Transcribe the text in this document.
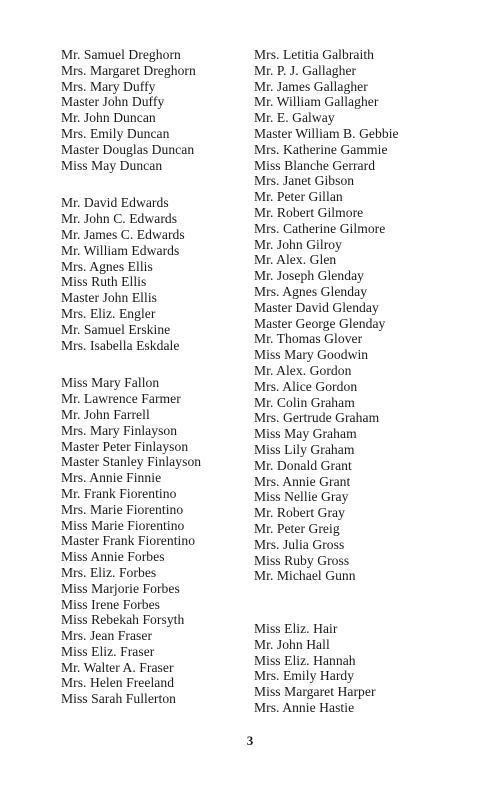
Mr. Samuel Dreghorn
Mrs. Margaret Dreghorn
Mrs. Mary Duffy
Master John Duffy
Mr. John Duncan
Mrs. Emily Duncan
Master Douglas Duncan
Miss May Duncan
Mr. David Edwards
Mr. John C. Edwards
Mr. James C. Edwards
Mr. William Edwards
Mrs. Agnes Ellis
Miss Ruth Ellis
Master John Ellis
Mrs. Eliz. Engler
Mr. Samuel Erskine
Mrs. Isabella Eskdale
Miss Mary Fallon
Mr. Lawrence Farmer
Mr. John Farrell
Mrs. Mary Finlayson
Master Peter Finlayson
Master Stanley Finlayson
Mrs. Annie Finnie
Mr. Frank Fiorentino
Mrs. Marie Fiorentino
Miss Marie Fiorentino
Master Frank Fiorentino
Miss Annie Forbes
Mrs. Eliz. Forbes
Miss Marjorie Forbes
Miss Irene Forbes
Miss Rebekah Forsyth
Mrs. Jean Fraser
Miss Eliz. Fraser
Mr. Walter A. Fraser
Mrs. Helen Freeland
Miss Sarah Fullerton
Mrs. Letitia Galbraith
Mr. P. J. Gallagher
Mr. James Gallagher
Mr. William Gallagher
Mr. E. Galway
Master William B. Gebbie
Mrs. Katherine Gammie
Miss Blanche Gerrard
Mrs. Janet Gibson
Mr. Peter Gillan
Mr. Robert Gilmore
Mrs. Catherine Gilmore
Mr. John Gilroy
Mr. Alex. Glen
Mr. Joseph Glenday
Mrs. Agnes Glenday
Master David Glenday
Master George Glenday
Mr. Thomas Glover
Miss Mary Goodwin
Mr. Alex. Gordon
Mrs. Alice Gordon
Mr. Colin Graham
Mrs. Gertrude Graham
Miss May Graham
Miss Lily Graham
Mr. Donald Grant
Mrs. Annie Grant
Miss Nellie Gray
Mr. Robert Gray
Mr. Peter Greig
Mrs. Julia Gross
Miss Ruby Gross
Mr. Michael Gunn
Miss Eliz. Hair
Mr. John Hall
Miss Eliz. Hannah
Mrs. Emily Hardy
Miss Margaret Harper
Mrs. Annie Hastie
3
